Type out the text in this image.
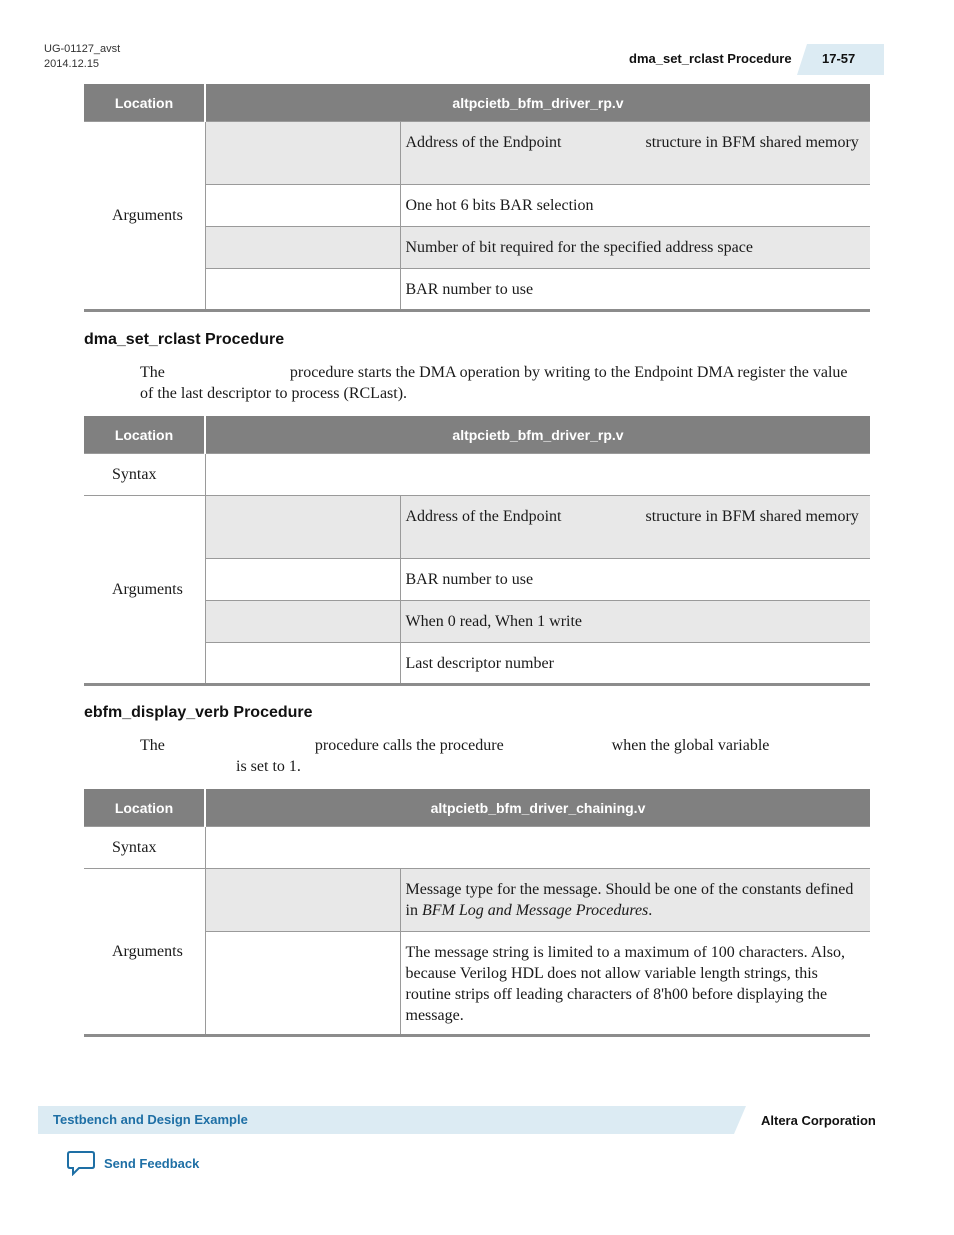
UG-01127_avst
2014.12.15	dma_set_rclast Procedure 17-57
Location	altpcietb_bfm_driver_rp.v	
Arguments		Address of the Endpoint structure in BFM shared memory
		One hot 6 bits BAR selection
		Number of bit required for the specified address space
		BAR number to use
dma_set_rclast Procedure

The	procedure starts the DMA operation by writing to the Endpoint DMA register the value of the last descriptor to process (RCLast).

Location	altpcietb_bfm_driver_rp.v	
Syntax		
Arguments		Address of the Endpoint structure in BFM shared memory
		BAR number to use
		When 0 read, When 1 write
		Last descriptor number
ebfm_display_verb Procedure

The	procedure calls the procedure	when the global variable
is set to 1.

Location	altpcietb_bfm_driver_chaining.v	
Syntax		
Arguments		Message type for the message. Should be one of the constants defined in BFM Log and Message Procedures.
		The message string is limited to a maximum of 100 characters. Also, because Verilog HDL does not allow variable length strings, this routine strips off leading characters of 8'h00 before displaying the message.
Testbench and Design Example	Altera Corporation
Send Feedback
